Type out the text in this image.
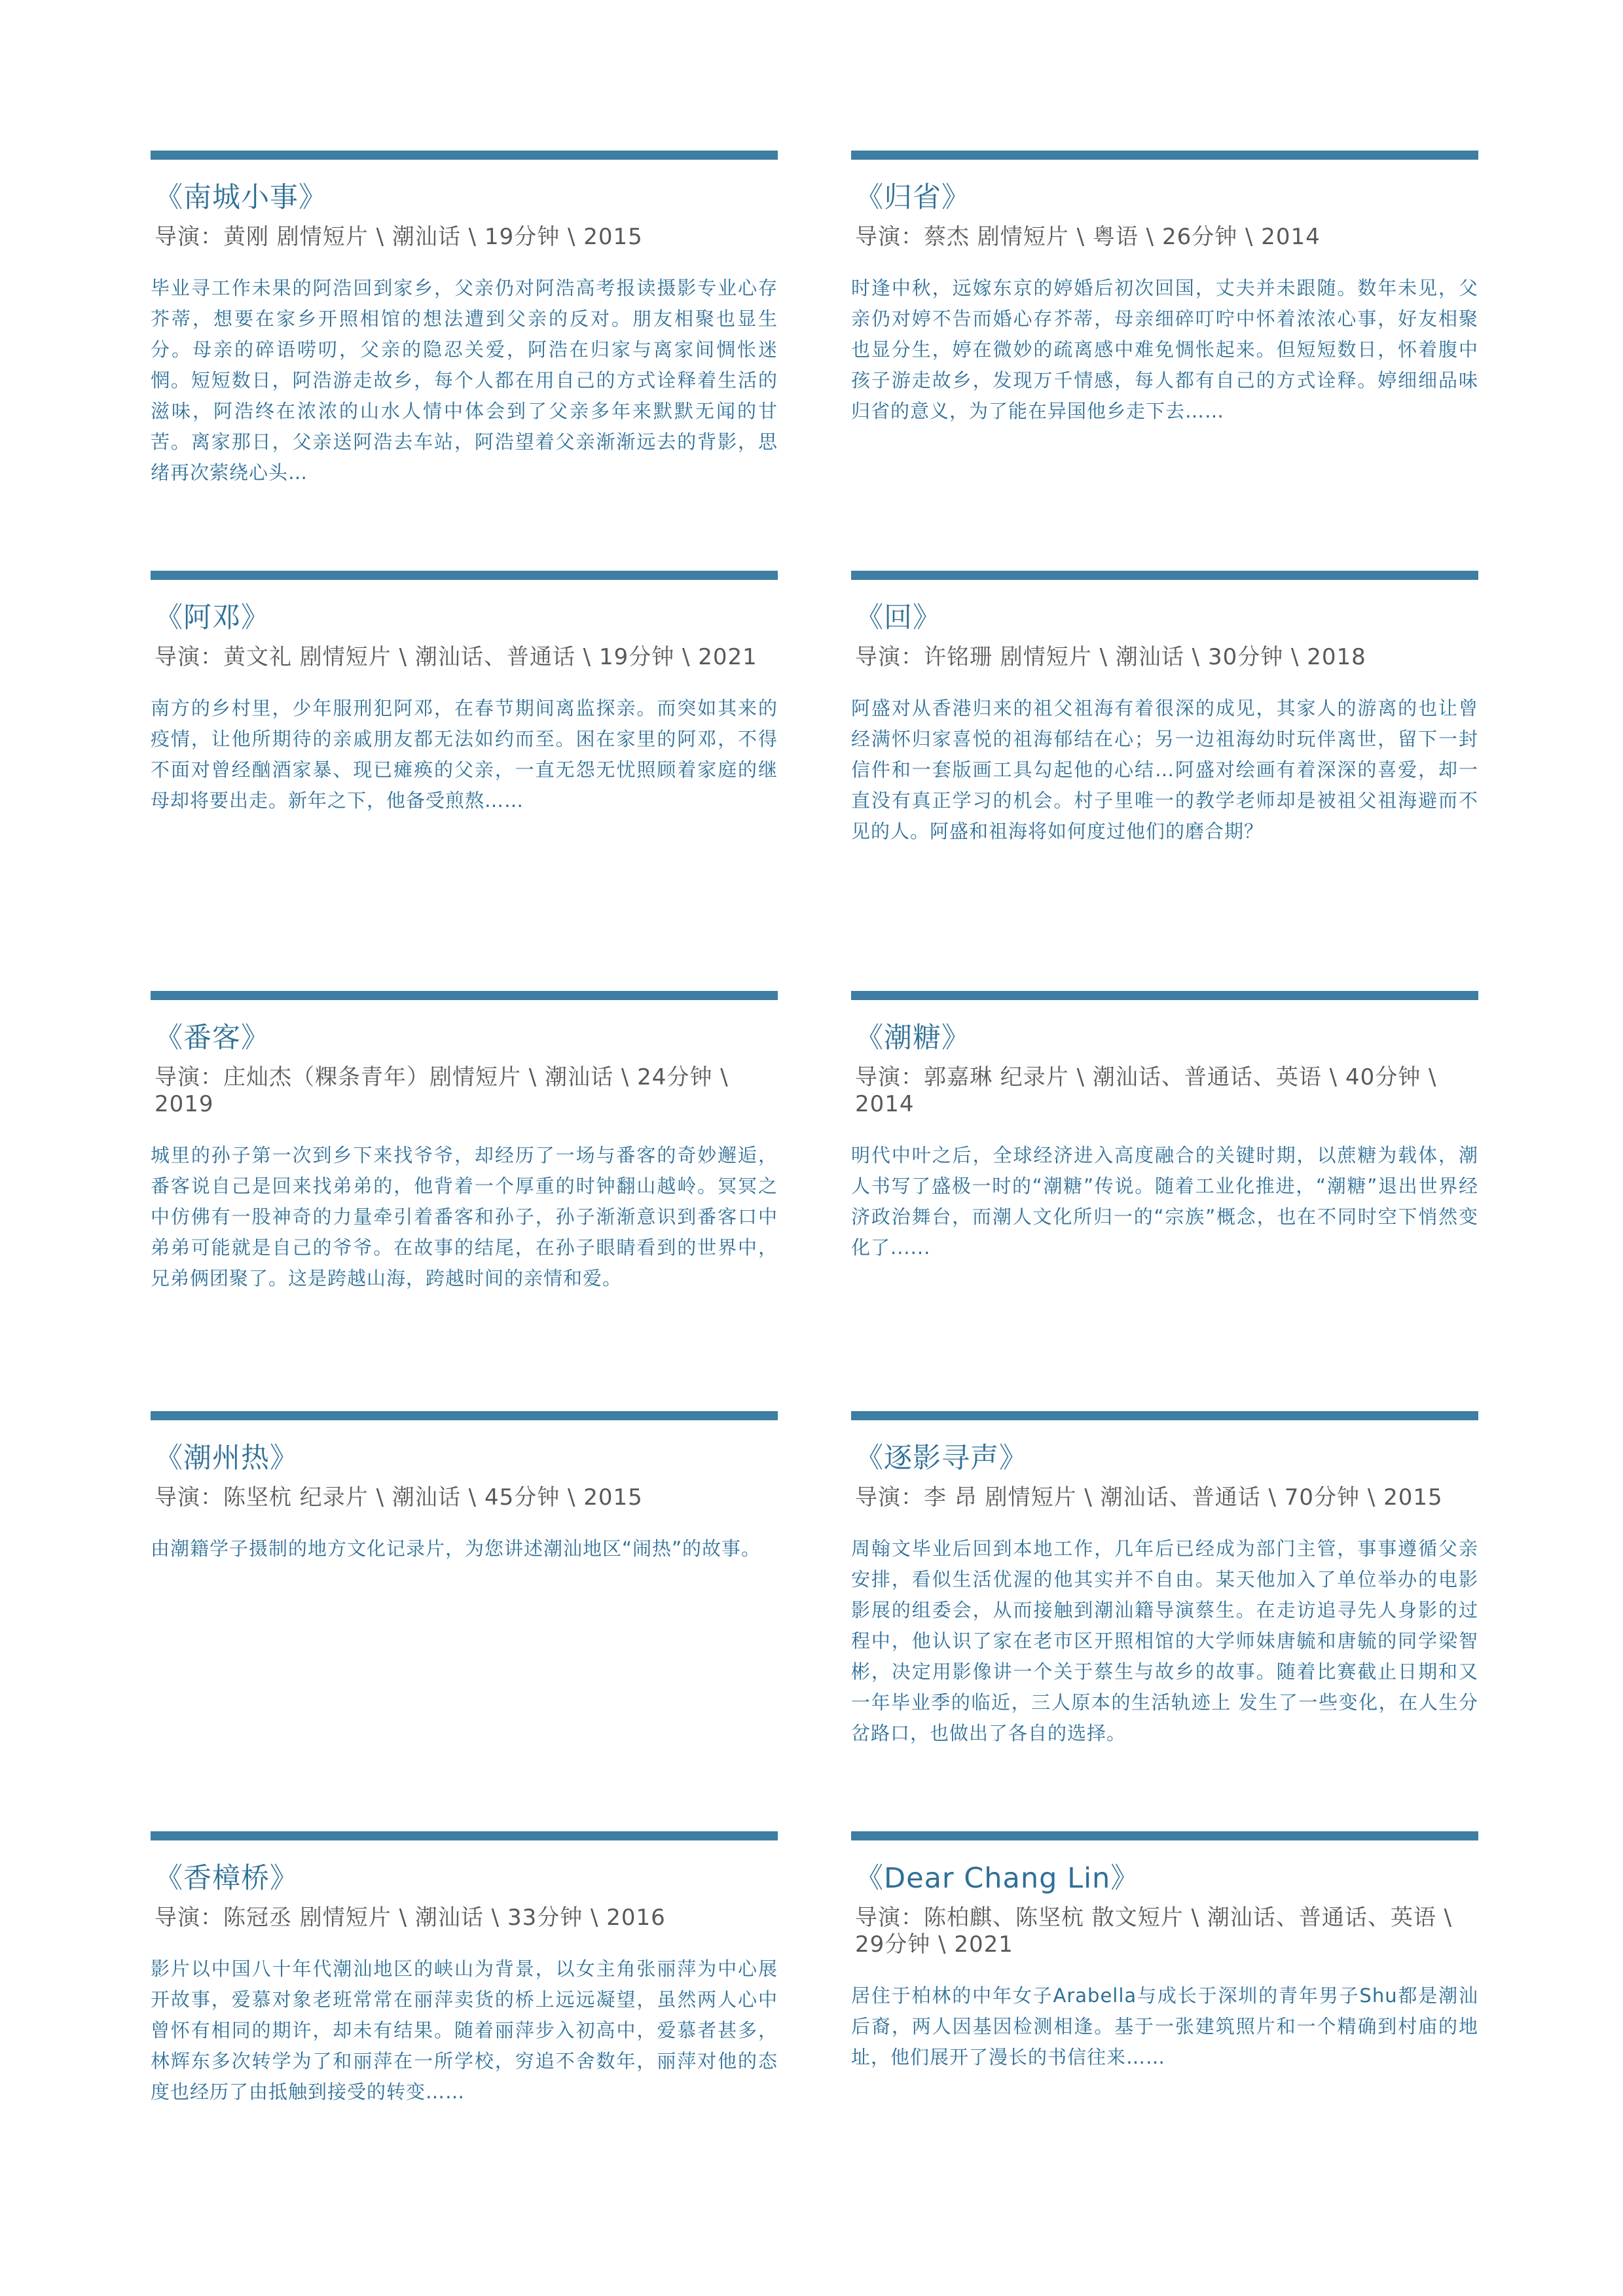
《南城小事》
导演：黄刚 剧情短片 \ 潮汕话 \ 19分钟 \ 2015
毕业寻工作未果的阿浩回到家乡，父亲仍对阿浩高考报读摄影专业心存芥蒂，想要在家乡开照相馆的想法遭到父亲的反对。朋友相聚也显生分。母亲的碎语唠叨，父亲的隐忍关爱，阿浩在归家与离家间惆怅迷惘。短短数日，阿浩游走故乡，每个人都在用自己的方式诠释着生活的滋味，阿浩终在浓浓的山水人情中体会到了父亲多年来默默无闻的甘苦。离家那日，父亲送阿浩去车站，阿浩望着父亲渐渐远去的背影，思绪再次萦绕心头…
《归省》
导演：蔡杰 剧情短片 \ 粤语 \ 26分钟 \ 2014
时逢中秋，远嫁东京的婷婚后初次回国，丈夫并未跟随。数年未见，父亲仍对婷不告而婚心存芥蒂，母亲细碎叮咛中怀着浓浓心事，好友相聚也显分生，婷在微妙的疏离感中难免惆怅起来。但短短数日，怀着腹中孩子游走故乡，发现万千情感，每人都有自己的方式诠释。婷细细品味归省的意义，为了能在异国他乡走下去……
《阿邓》
导演：黄文礼 剧情短片 \ 潮汕话、普通话 \ 19分钟 \ 2021
南方的乡村里，少年服刑犯阿邓，在春节期间离监探亲。而突如其来的疫情，让他所期待的亲戚朋友都无法如约而至。困在家里的阿邓，不得不面对曾经酗酒家暴、现已瘫痪的父亲，一直无怨无忧照顾着家庭的继母却将要出走。新年之下，他备受煎熬……
《回》
导演：许铭珊 剧情短片 \ 潮汕话 \ 30分钟 \ 2018
阿盛对从香港归来的祖父祖海有着很深的成见，其家人的游离的也让曾经满怀归家喜悦的祖海郁结在心；另一边祖海幼时玩伴离世，留下一封信件和一套版画工具勾起他的心结…阿盛对绘画有着深深的喜爱，却一直没有真正学习的机会。村子里唯一的教学老师却是被祖父祖海避而不见的人。阿盛和祖海将如何度过他们的磨合期？
《番客》
导演：庄灿杰（粿条青年）剧情短片 \ 潮汕话 \ 24分钟 \ 2019
城里的孙子第一次到乡下来找爷爷，却经历了一场与番客的奇妙邂逅，番客说自己是回来找弟弟的，他背着一个厚重的时钟翻山越岭。冥冥之中仿佛有一股神奇的力量牵引着番客和孙子，孙子渐渐意识到番客口中弟弟可能就是自己的爷爷。在故事的结尾，在孙子眼睛看到的世界中，兄弟俩团聚了。这是跨越山海，跨越时间的亲情和爱。
《潮糖》
导演：郭嘉琳 纪录片 \ 潮汕话、普通话、英语 \ 40分钟 \ 2014
明代中叶之后，全球经济进入高度融合的关键时期，以蔗糖为载体，潮人书写了盛极一时的“潮糖”传说。随着工业化推进，“潮糖”退出世界经济政治舞台，而潮人文化所归一的“宗族”概念，也在不同时空下悄然变化了......
《潮州热》
导演：陈坚杭 纪录片 \ 潮汕话 \ 45分钟 \ 2015
由潮籍学子摄制的地方文化记录片，为您讲述潮汕地区“闹热”的故事。
《逐影寻声》
导演：李 昂 剧情短片 \ 潮汕话、普通话 \ 70分钟 \ 2015
周翰文毕业后回到本地工作，几年后已经成为部门主管，事事遵循父亲安排，看似生活优渥的他其实并不自由。某天他加入了单位举办的电影影展的组委会，从而接触到潮汕籍导演蔡生。在走访追寻先人身影的过程中，他认识了家在老市区开照相馆的大学师妹唐毓和唐毓的同学梁智彬，决定用影像讲一个关于蔡生与故乡的故事。随着比赛截止日期和又一年毕业季的临近，三人原本的生活轨迹上 发生了一些变化，在人生分岔路口，也做出了各自的选择。
《香樟桥》
导演：陈冠丞 剧情短片 \ 潮汕话 \ 33分钟 \ 2016
影片以中国八十年代潮汕地区的峡山为背景，以女主角张丽萍为中心展开故事，爱慕对象老班常常在丽萍卖货的桥上远远凝望，虽然两人心中曾怀有相同的期许，却未有结果。随着丽萍步入初高中，爱慕者甚多，林辉东多次转学为了和丽萍在一所学校，穷追不舍数年，丽萍对他的态度也经历了由抵触到接受的转变……
《Dear Chang Lin》
导演：陈柏麒、陈坚杭 散文短片 \ 潮汕话、普通话、英语 \ 29分钟 \ 2021
居住于柏林的中年女子Arabella与成长于深圳的青年男子Shu都是潮汕后裔，两人因基因检测相逢。基于一张建筑照片和一个精确到村庙的地址，他们展开了漫长的书信往来……
